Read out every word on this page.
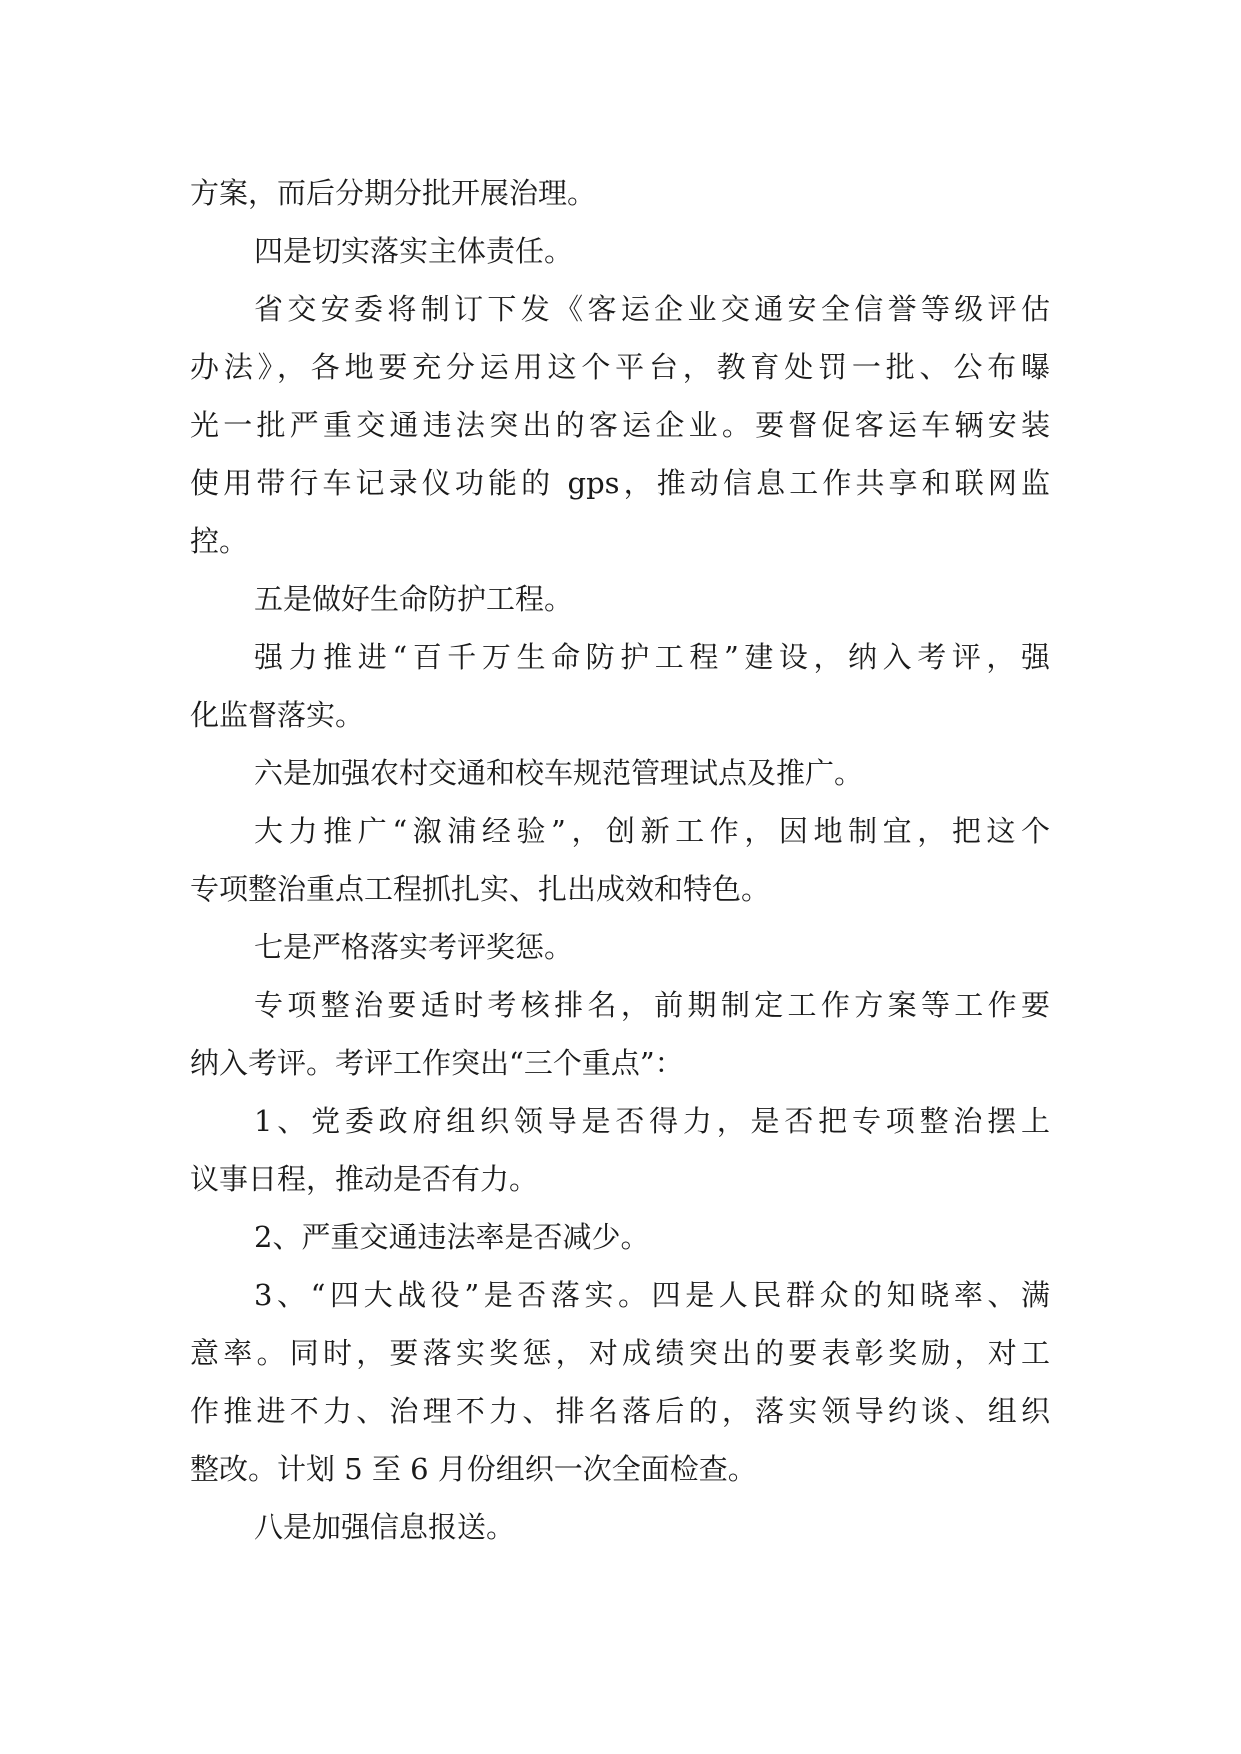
方案，而后分期分批开展治理。
四是切实落实主体责任。
省交安委将制订下发《客运企业交通安全信誉等级评估
办法》，各地要充分运用这个平台，教育处罚一批、公布曝
光一批严重交通违法突出的客运企业。要督促客运车辆安装
使用带行车记录仪功能的 gps，推动信息工作共享和联网监
控。
五是做好生命防护工程。
强力推进“百千万生命防护工程”建设，纳入考评，强
化监督落实。
六是加强农村交通和校车规范管理试点及推广。
大力推广“溆浦经验”，创新工作，因地制宜，把这个
专项整治重点工程抓扎实、扎出成效和特色。
七是严格落实考评奖惩。
专项整治要适时考核排名，前期制定工作方案等工作要
纳入考评。考评工作突出“三个重点”：
1、党委政府组织领导是否得力，是否把专项整治摆上
议事日程，推动是否有力。
2、严重交通违法率是否减少。
3、“四大战役”是否落实。四是人民群众的知晓率、满
意率。同时，要落实奖惩，对成绩突出的要表彰奖励，对工
作推进不力、治理不力、排名落后的，落实领导约谈、组织
整改。计划 5 至 6 月份组织一次全面检查。
八是加强信息报送。
